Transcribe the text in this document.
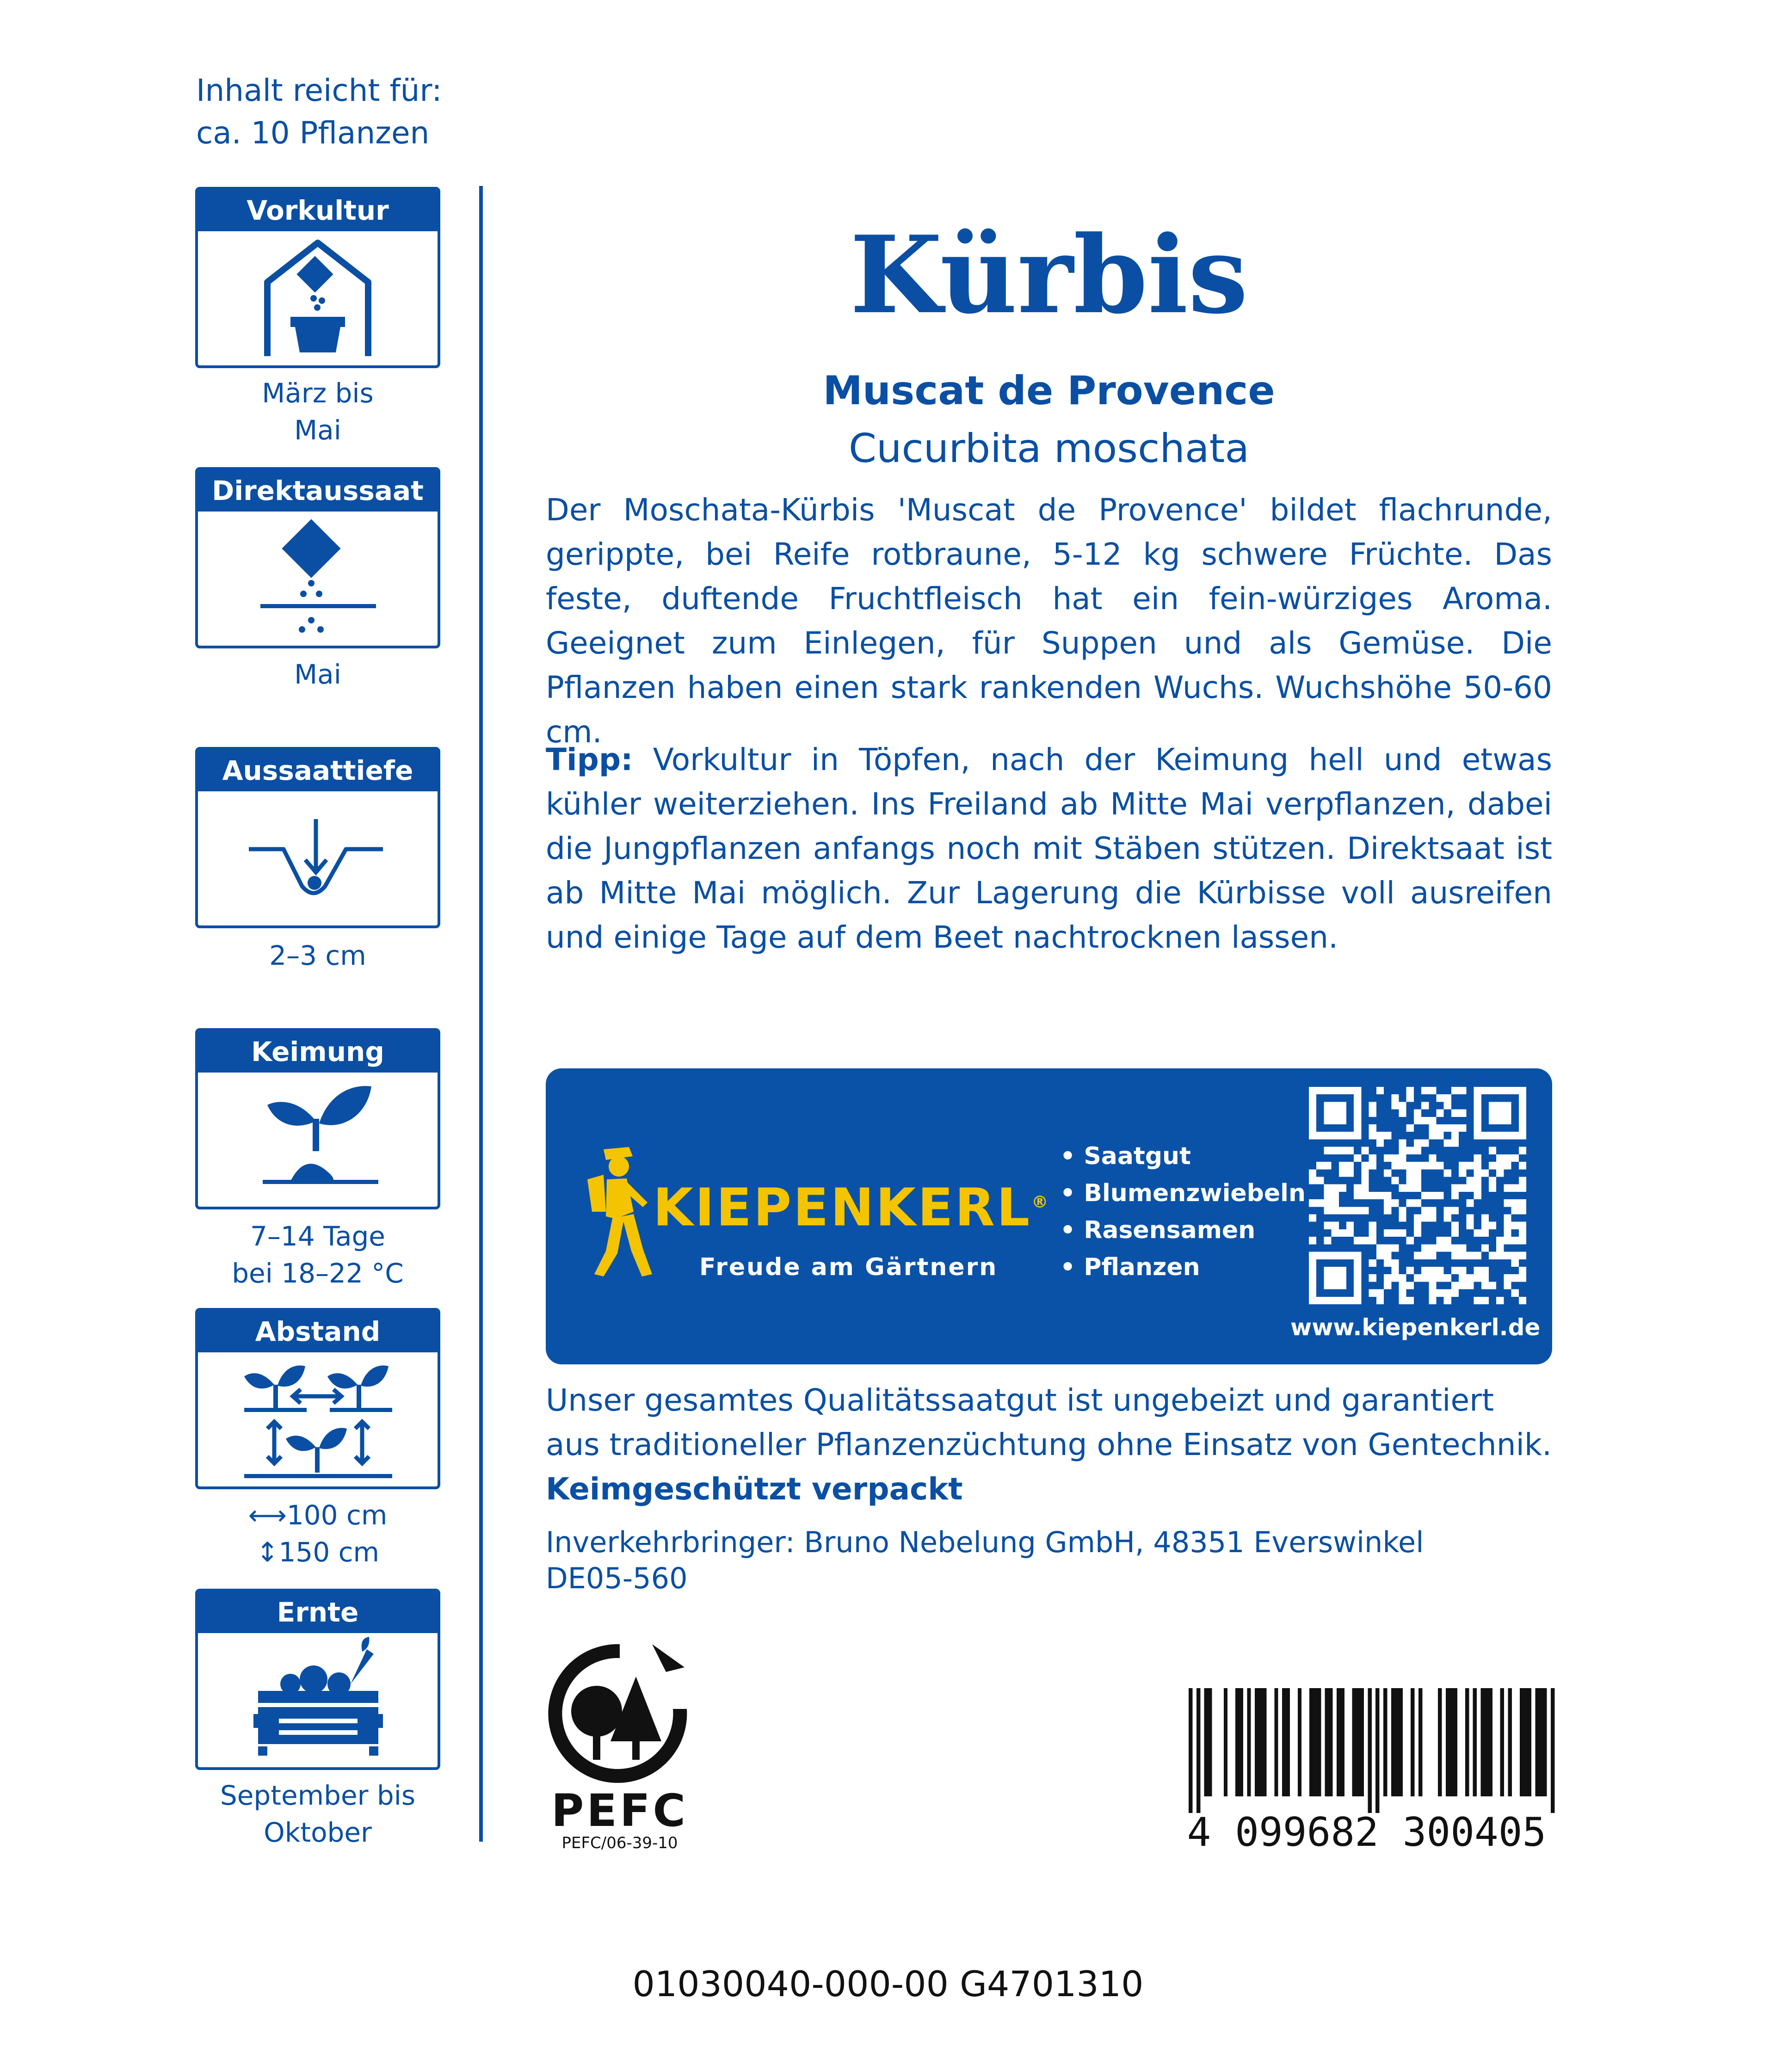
Inhalt reicht für:
ca. 10 Pflanzen
Vorkultur
März bis
Mai
Direktaussaat
Mai
Aussaattiefe
2–3 cm
Keimung
7–14 Tage
bei 18–22 °C
Abstand
⟷100 cm
↕150 cm
Ernte
September bis
Oktober
Kürbis
Muscat de Provence
Cucurbita moschata
Der Moschata-Kürbis 'Muscat de Provence' bildet flachrunde, gerippte, bei Reife rotbraune, 5-12 kg schwere Früchte. Das feste, duftende Fruchtfleisch hat ein fein-würziges Aroma. Geeignet zum Einlegen, für Suppen und als Gemüse. Die Pflanzen haben einen stark rankenden Wuchs. Wuchshöhe 50-60 cm.
Tipp: Vorkultur in Töpfen, nach der Keimung hell und etwas kühler weiterziehen. Ins Freiland ab Mitte Mai verpflanzen, dabei die Jungpflanzen anfangs noch mit Stäben stützen. Direktsaat ist ab Mitte Mai möglich. Zur Lagerung die Kürbisse voll ausreifen und einige Tage auf dem Beet nachtrocknen lassen.
KIEPENKERL®
Freude am Gärtnern
• Saatgut
• Blumenzwiebeln
• Rasensamen
• Pflanzen
www.kiepenkerl.de
Unser gesamtes Qualitätssaatgut ist ungebeizt und garantiert aus traditioneller Pflanzenzüchtung ohne Einsatz von Gentechnik.
Keimgeschützt verpackt
Inverkehrbringer: Bruno Nebelung GmbH, 48351 Everswinkel
DE05-560
PEFC
PEFC/06-39-10	4 099682 300405
01030040-000-00 G4701310
